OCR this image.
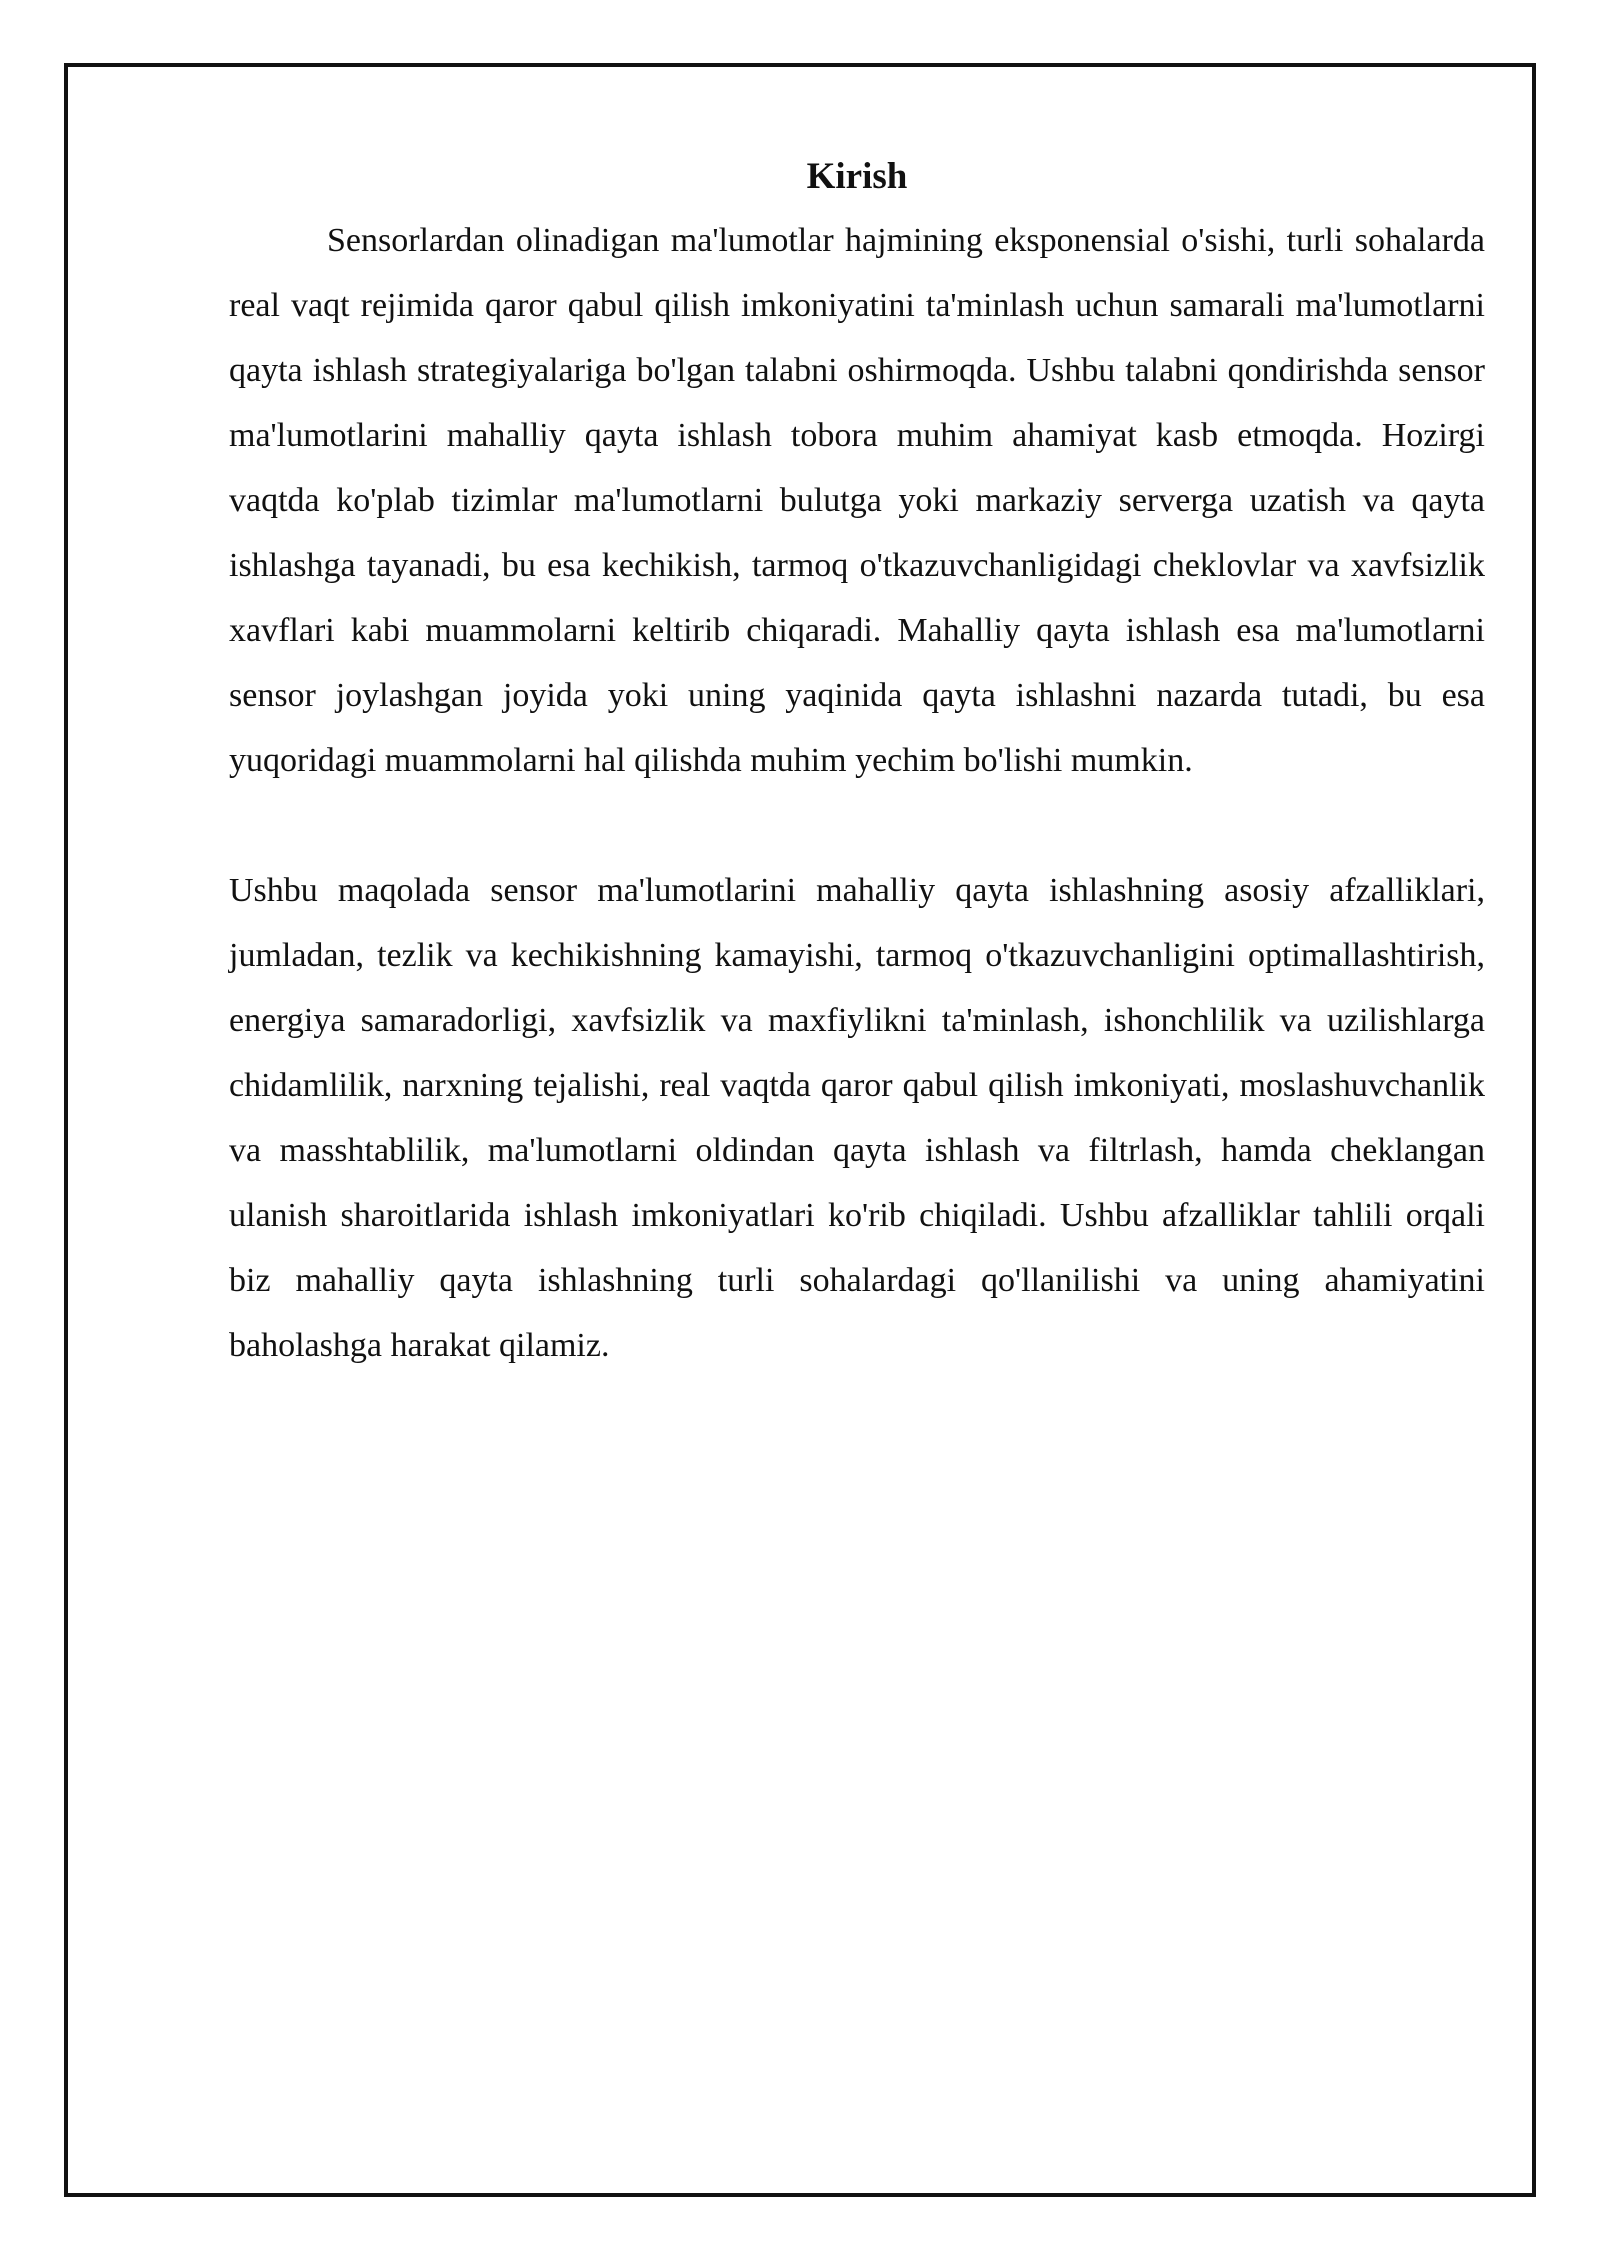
Kirish

Sensorlardan olinadigan ma'lumotlar hajmining eksponensial o'sishi, turli sohalarda real vaqt rejimida qaror qabul qilish imkoniyatini ta'minlash uchun samarali ma'lumotlarni qayta ishlash strategiyalariga bo'lgan talabni oshirmoqda. Ushbu talabni qondirishda sensor ma'lumotlarini mahalliy qayta ishlash tobora muhim ahamiyat kasb etmoqda. Hozirgi vaqtda ko'plab tizimlar ma'lumotlarni bulutga yoki markaziy serverga uzatish va qayta ishlashga tayanadi, bu esa kechikish, tarmoq o'tkazuvchanligidagi cheklovlar va xavfsizlik xavflari kabi muammolarni keltirib chiqaradi. Mahalliy qayta ishlash esa ma'lumotlarni sensor joylashgan joyida yoki uning yaqinida qayta ishlashni nazarda tutadi, bu esa yuqoridagi muammolarni hal qilishda muhim yechim bo'lishi mumkin.

Ushbu maqolada sensor ma'lumotlarini mahalliy qayta ishlashning asosiy afzalliklari, jumladan, tezlik va kechikishning kamayishi, tarmoq o'tkazuvchanligini optimallashtirish, energiya samaradorligi, xavfsizlik va maxfiylikni ta'minlash, ishonchlilik va uzilishlarga chidamlilik, narxning tejalishi, real vaqtda qaror qabul qilish imkoniyati, moslashuvchanlik va masshtablilik, ma'lumotlarni oldindan qayta ishlash va filtrlash, hamda cheklangan ulanish sharoitlarida ishlash imkoniyatlari ko'rib chiqiladi. Ushbu afzalliklar tahlili orqali biz mahalliy qayta ishlashning turli sohalardagi qo'llanilishi va uning ahamiyatini baholashga harakat qilamiz.
